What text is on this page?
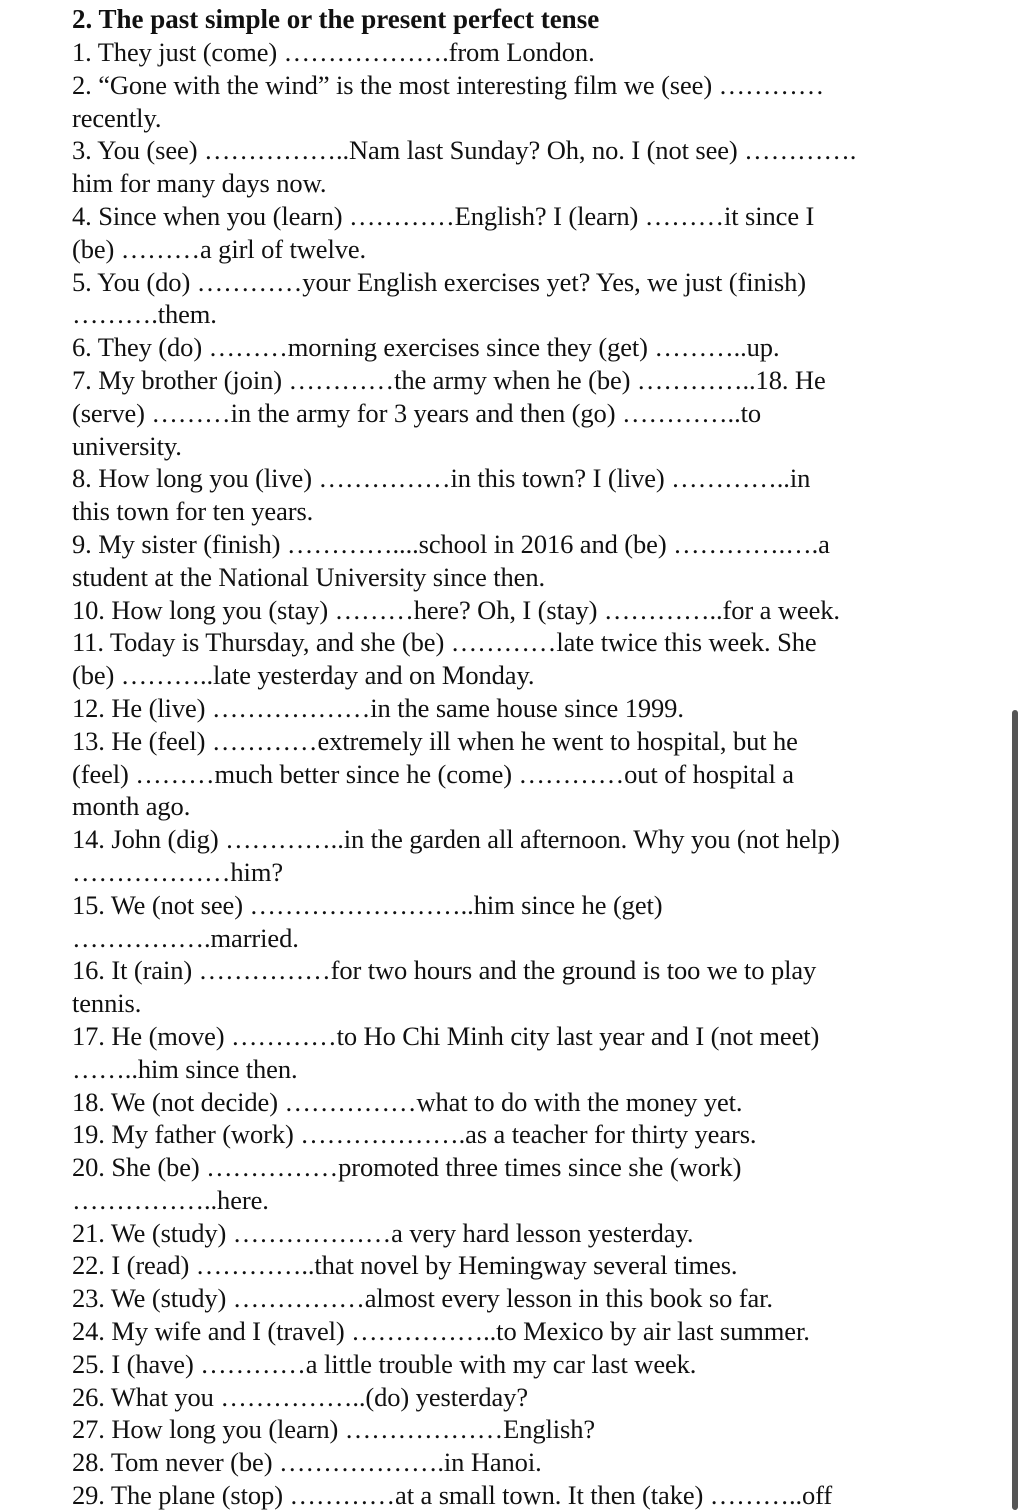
2. The past simple or the present perfect tense

1. They just (come) ……………….from London.

2. “Gone with the wind” is the most interesting film we (see) …………

recently.

3. You (see) ……………..Nam last Sunday? Oh, no. I (not see) ………….

him for many days now.

4. Since when you (learn) …………English? I (learn) ………it since I

(be) ………a girl of twelve.

5. You (do) …………your English exercises yet? Yes, we just (finish)

……….them.

6. They (do) ………morning exercises since they (get) ………..up.

7. My brother (join) …………the army when he (be) …………..18. He

(serve) ………in the army for 3 years and then (go) …………..to

university.

8. How long you (live) ……………in this town? I (live) …………..in

this town for ten years.

9. My sister (finish) …………....school in 2016 and (be) ………….….a

student at the National University since then.

10. How long you (stay) ………here? Oh, I (stay) …………..for a week.

11. Today is Thursday, and she (be) …………late twice this week. She

(be) ………..late yesterday and on Monday.

12. He (live) ………………in the same house since 1999.

13. He (feel) …………extremely ill when he went to hospital, but he

(feel) ………much better since he (come) …………out of hospital a

month ago.

14. John (dig) …………..in the garden all afternoon. Why you (not help)

………………him?

15. We (not see) ……………………..him since he (get)

…………….married.

16. It (rain) ……………for two hours and the ground is too we to play

tennis.

17. He (move) …………to Ho Chi Minh city last year and I (not meet)

……..him since then.

18. We (not decide) ……………what to do with the money yet.

19. My father (work) ……………….as a teacher for thirty years.

20. She (be) ……………promoted three times since she (work)

……………..here.

21. We (study) ………………a very hard lesson yesterday.

22. I (read) …………..that novel by Hemingway several times.

23. We (study) ……………almost every lesson in this book so far.

24. My wife and I (travel) ……………..to Mexico by air last summer.

25. I (have) …………a little trouble with my car last week.

26. What you ……………..(do) yesterday?

27. How long you (learn) ………………English?

28. Tom never (be) ……………….in Hanoi.

29. The plane (stop) …………at a small town. It then (take) ………..off
